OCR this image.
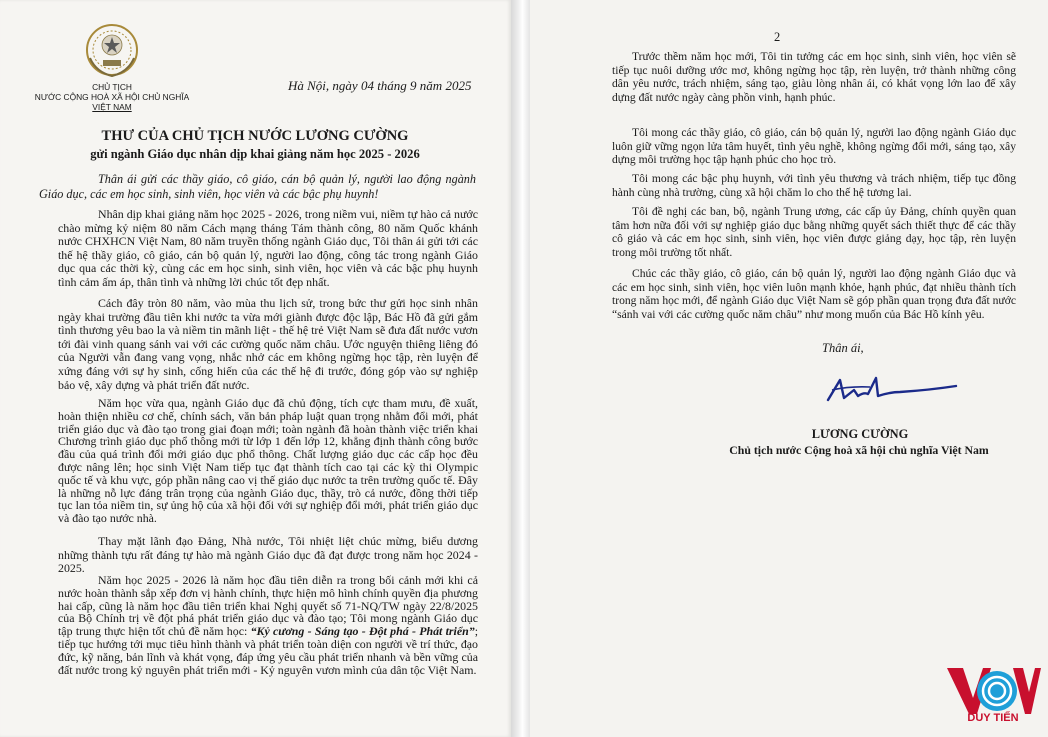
CHỦ TỊCH
NƯỚC CỘNG HOÀ XÃ HỘI CHỦ NGHĨA
VIỆT NAM
Hà Nội, ngày 04 tháng 9 năm 2025
THƯ CỦA CHỦ TỊCH NƯỚC LƯƠNG CƯỜNG
gửi ngành Giáo dục nhân dịp khai giảng năm học 2025 - 2026
Thân ái gửi các thầy giáo, cô giáo, cán bộ quản lý, người lao động ngành Giáo dục, các em học sinh, sinh viên, học viên và các bậc phụ huynh!
Nhân dịp khai giảng năm học 2025 - 2026, trong niềm vui, niềm tự hào cả nước chào mừng kỷ niệm 80 năm Cách mạng tháng Tám thành công, 80 năm Quốc khánh nước CHXHCN Việt Nam, 80 năm truyền thống ngành Giáo dục, Tôi thân ái gửi tới các thế hệ thầy giáo, cô giáo, cán bộ quản lý, người lao động, công tác trong ngành Giáo dục qua các thời kỳ, cùng các em học sinh, sinh viên, học viên và các bậc phụ huynh tình cảm ấm áp, thân tình và những lời chúc tốt đẹp nhất.
Cách đây tròn 80 năm, vào mùa thu lịch sử, trong bức thư gửi học sinh nhân ngày khai trường đầu tiên khi nước ta vừa mới giành được độc lập, Bác Hồ đã gửi gắm tình thương yêu bao la và niềm tin mãnh liệt - thế hệ trẻ Việt Nam sẽ đưa đất nước vươn tới đài vinh quang sánh vai với các cường quốc năm châu. Ước nguyện thiêng liêng đó của Người vẫn đang vang vọng, nhắc nhở các em không ngừng học tập, rèn luyện để xứng đáng với sự hy sinh, cống hiến của các thế hệ đi trước, đóng góp vào sự nghiệp bảo vệ, xây dựng và phát triển đất nước.
Năm học vừa qua, ngành Giáo dục đã chủ động, tích cực tham mưu, đề xuất, hoàn thiện nhiều cơ chế, chính sách, văn bản pháp luật quan trọng nhằm đổi mới, phát triển giáo dục và đào tạo trong giai đoạn mới; toàn ngành đã hoàn thành việc triển khai Chương trình giáo dục phổ thông mới từ lớp 1 đến lớp 12, khẳng định thành công bước đầu của quá trình đổi mới giáo dục phổ thông. Chất lượng giáo dục các cấp học đều được nâng lên; học sinh Việt Nam tiếp tục đạt thành tích cao tại các kỳ thi Olympic quốc tế và khu vực, góp phần nâng cao vị thế giáo dục nước ta trên trường quốc tế. Đây là những nỗ lực đáng trân trọng của ngành Giáo dục, thầy, trò cả nước, đồng thời tiếp tục lan tỏa niềm tin, sự ủng hộ của xã hội đối với sự nghiệp đổi mới, phát triển giáo dục và đào tạo nước nhà.
Thay mặt lãnh đạo Đảng, Nhà nước, Tôi nhiệt liệt chúc mừng, biểu dương những thành tựu rất đáng tự hào mà ngành Giáo dục đã đạt được trong năm học 2024 - 2025.
Năm học 2025 - 2026 là năm học đầu tiên diễn ra trong bối cảnh mới khi cả nước hoàn thành sắp xếp đơn vị hành chính, thực hiện mô hình chính quyền địa phương hai cấp, cũng là năm học đầu tiên triển khai Nghị quyết số 71-NQ/TW ngày 22/8/2025 của Bộ Chính trị về đột phá phát triển giáo dục và đào tạo; Tôi mong ngành Giáo dục tập trung thực hiện tốt chủ đề năm học: “Kỷ cương - Sáng tạo - Đột phá - Phát triển”; tiếp tục hướng tới mục tiêu hình thành và phát triển toàn diện con người về trí thức, đạo đức, kỹ năng, bản lĩnh và khát vọng, đáp ứng yêu cầu phát triển nhanh và bền vững của đất nước trong kỷ nguyên phát triển mới - Kỷ nguyên vươn mình của dân tộc Việt Nam.
2
Trước thềm năm học mới, Tôi tin tưởng các em học sinh, sinh viên, học viên sẽ tiếp tục nuôi dưỡng ước mơ, không ngừng học tập, rèn luyện, trở thành những công dân yêu nước, trách nhiệm, sáng tạo, giàu lòng nhân ái, có khát vọng lớn lao để xây dựng đất nước ngày càng phồn vinh, hạnh phúc.
Tôi mong các thầy giáo, cô giáo, cán bộ quản lý, người lao động ngành Giáo dục luôn giữ vững ngọn lửa tâm huyết, tình yêu nghề, không ngừng đổi mới, sáng tạo, xây dựng môi trường học tập hạnh phúc cho học trò.
Tôi mong các bậc phụ huynh, với tình yêu thương và trách nhiệm, tiếp tục đồng hành cùng nhà trường, cùng xã hội chăm lo cho thế hệ tương lai.
Tôi đề nghị các ban, bộ, ngành Trung ương, các cấp ủy Đảng, chính quyền quan tâm hơn nữa đối với sự nghiệp giáo dục bằng những quyết sách thiết thực để các thầy cô giáo và các em học sinh, sinh viên, học viên được giảng dạy, học tập, rèn luyện trong môi trường tốt nhất.
Chúc các thầy giáo, cô giáo, cán bộ quản lý, người lao động ngành Giáo dục và các em học sinh, sinh viên, học viên luôn mạnh khỏe, hạnh phúc, đạt nhiều thành tích trong năm học mới, để ngành Giáo dục Việt Nam sẽ góp phần quan trọng đưa đất nước “sánh vai với các cường quốc năm châu” như mong muốn của Bác Hồ kính yêu.
Thân ái,
LƯƠNG CƯỜNG
Chủ tịch nước Cộng hoà xã hội chủ nghĩa Việt Nam
DUY TIẾN
